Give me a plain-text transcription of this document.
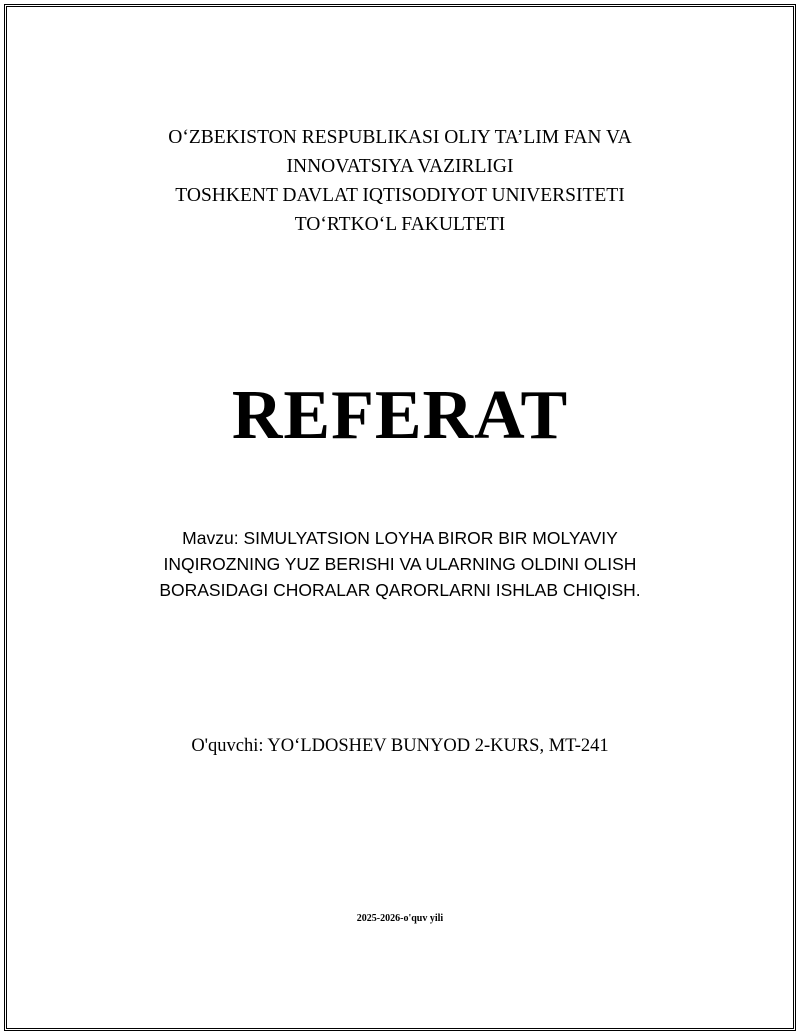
O‘ZBEKISTON RESPUBLIKASI OLIY TA’LIM FAN VA
INNOVATSIYA VAZIRLIGI
TOSHKENT DAVLAT IQTISODIYOT UNIVERSITETI
TO‘RTKO‘L FAKULTETI
REFERAT
Mavzu: SIMULYATSION LOYHA BIROR BIR MOLYAVIY
INQIROZNING YUZ BERISHI VA ULARNING OLDINI OLISH
BORASIDAGI CHORALAR QARORLARNI ISHLAB CHIQISH.
O'quvchi: YO‘LDOSHEV BUNYOD 2-KURS, MT-241
2025-2026-o'quv yili
